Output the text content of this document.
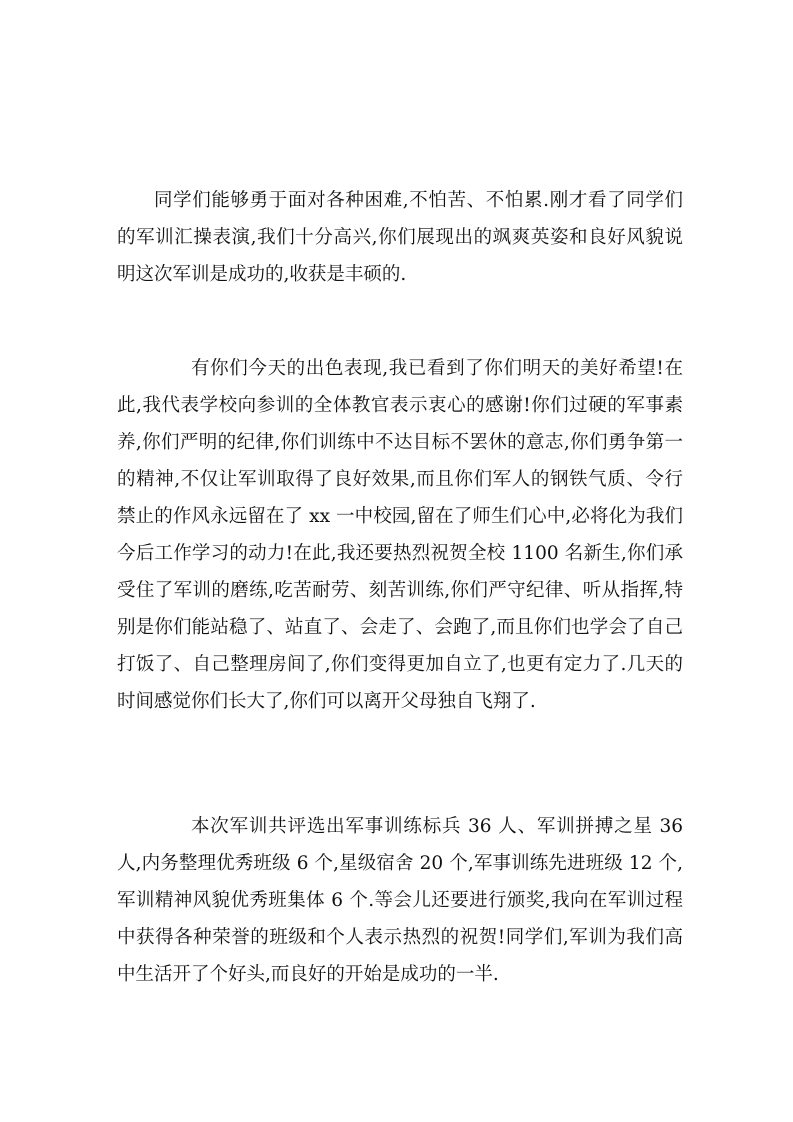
同学们能够勇于面对各种困难,不怕苦、不怕累.刚才看了同学们的军训汇操表演,我们十分高兴,你们展现出的飒爽英姿和良好风貌说明这次军训是成功的,收获是丰硕的.

有你们今天的出色表现,我已看到了你们明天的美好希望!在此,我代表学校向参训的全体教官表示衷心的感谢!你们过硬的军事素养,你们严明的纪律,你们训练中不达目标不罢休的意志,你们勇争第一的精神,不仅让军训取得了良好效果,而且你们军人的钢铁气质、令行禁止的作风永远留在了 xx 一中校园,留在了师生们心中,必将化为我们今后工作学习的动力!在此,我还要热烈祝贺全校 1100 名新生,你们承受住了军训的磨练,吃苦耐劳、刻苦训练,你们严守纪律、听从指挥,特别是你们能站稳了、站直了、会走了、会跑了,而且你们也学会了自己打饭了、自己整理房间了,你们变得更加自立了,也更有定力了.几天的时间感觉你们长大了,你们可以离开父母独自飞翔了.

本次军训共评选出军事训练标兵 36 人、军训拼搏之星 36 人,内务整理优秀班级 6 个,星级宿舍 20 个,军事训练先进班级 12 个,军训精神风貌优秀班集体 6 个.等会儿还要进行颁奖,我向在军训过程中获得各种荣誉的班级和个人表示热烈的祝贺!同学们,军训为我们高中生活开了个好头,而良好的开始是成功的一半.
